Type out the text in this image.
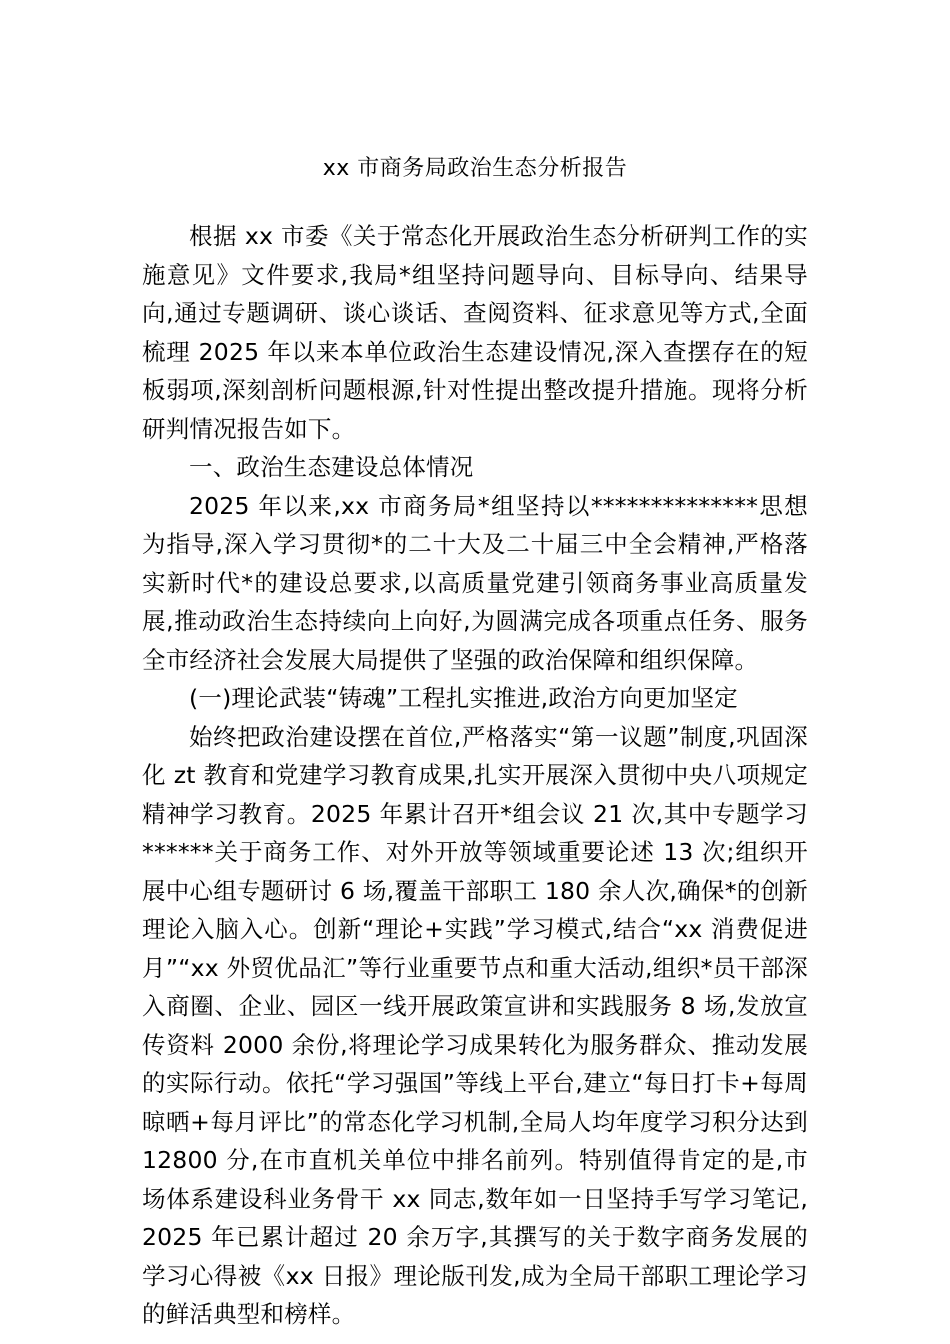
xx 市商务局政治生态分析报告

根据 xx 市委《关于常态化开展政治生态分析研判工作的实施意见》文件要求,我局*组坚持问题导向、目标导向、结果导向,通过专题调研、谈心谈话、查阅资料、征求意见等方式,全面梳理 2025 年以来本单位政治生态建设情况,深入查摆存在的短板弱项,深刻剖析问题根源,针对性提出整改提升措施。现将分析研判情况报告如下。

一、政治生态建设总体情况

2025 年以来,xx 市商务局*组坚持以**************思想为指导,深入学习贯彻*的二十大及二十届三中全会精神,严格落实新时代*的建设总要求,以高质量党建引领商务事业高质量发展,推动政治生态持续向上向好,为圆满完成各项重点任务、服务全市经济社会发展大局提供了坚强的政治保障和组织保障。

(一)理论武装“铸魂”工程扎实推进,政治方向更加坚定

始终把政治建设摆在首位,严格落实“第一议题”制度,巩固深化 zt 教育和党建学习教育成果,扎实开展深入贯彻中央八项规定精神学习教育。2025 年累计召开*组会议 21 次,其中专题学习******关于商务工作、对外开放等领域重要论述 13 次;组织开展中心组专题研讨 6 场,覆盖干部职工 180 余人次,确保*的创新理论入脑入心。创新“理论+实践”学习模式,结合“xx 消费促进月”“xx 外贸优品汇”等行业重要节点和重大活动,组织*员干部深入商圈、企业、园区一线开展政策宣讲和实践服务 8 场,发放宣传资料 2000 余份,将理论学习成果转化为服务群众、推动发展的实际行动。依托“学习强国”等线上平台,建立“每日打卡+每周晾晒+每月评比”的常态化学习机制,全局人均年度学习积分达到 12800 分,在市直机关单位中排名前列。特别值得肯定的是,市场体系建设科业务骨干 xx 同志,数年如一日坚持手写学习笔记,2025 年已累计超过 20 余万字,其撰写的关于数字商务发展的学习心得被《xx 日报》理论版刊发,成为全局干部职工理论学习的鲜活典型和榜样。
